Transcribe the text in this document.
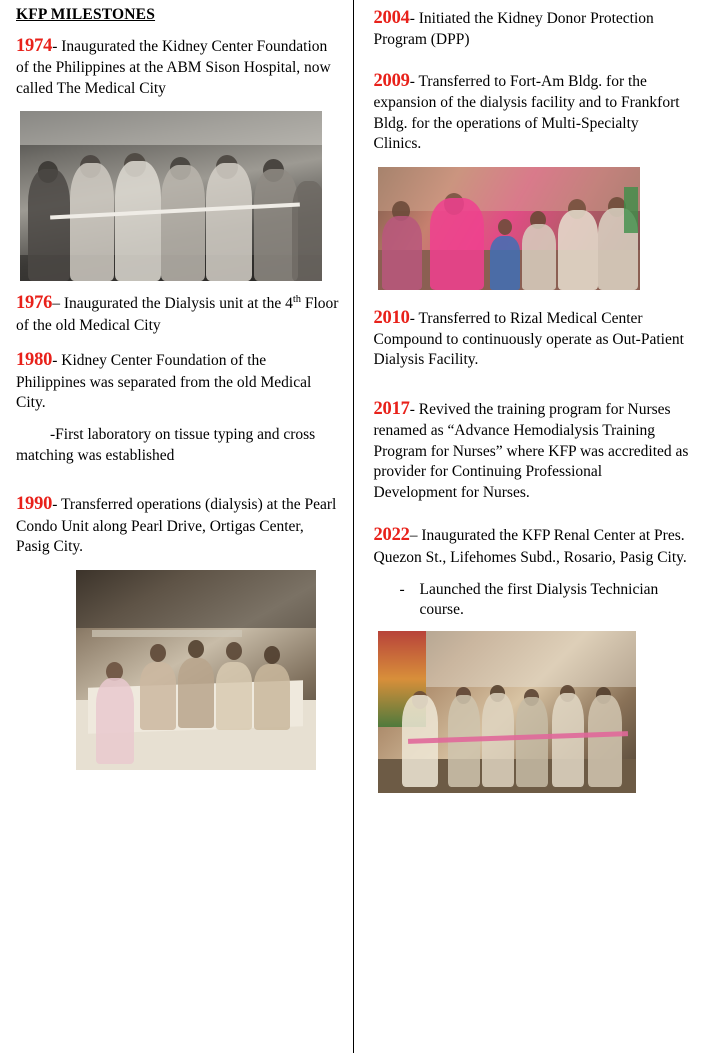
KFP MILESTONES

1974- Inaugurated the Kidney Center Foundation of the Philippines at the ABM Sison Hospital, now called The Medical City

1976– Inaugurated the Dialysis unit at the 4th Floor of the old Medical City

1980- Kidney Center Foundation of the Philippines was separated from the old Medical City.

-First laboratory on tissue typing and cross matching was established

1990- Transferred operations (dialysis) at the Pearl Condo Unit along Pearl Drive, Ortigas Center, Pasig City.

2004- Initiated the Kidney Donor Protection Program (DPP)

2009- Transferred to Fort-Am Bldg. for the expansion of the dialysis facility and to Frankfort Bldg. for the operations of Multi-Specialty Clinics.

2010- Transferred to Rizal Medical Center Compound to continuously operate as Out-Patient Dialysis Facility.

2017- Revived the training program for Nurses renamed as “Advance Hemodialysis Training Program for Nurses” where KFP was accredited as provider for Continuing Professional Development for Nurses.

2022– Inaugurated the KFP Renal Center at Pres. Quezon St., Lifehomes Subd., Rosario, Pasig City.

- Launched the first Dialysis Technician course.
